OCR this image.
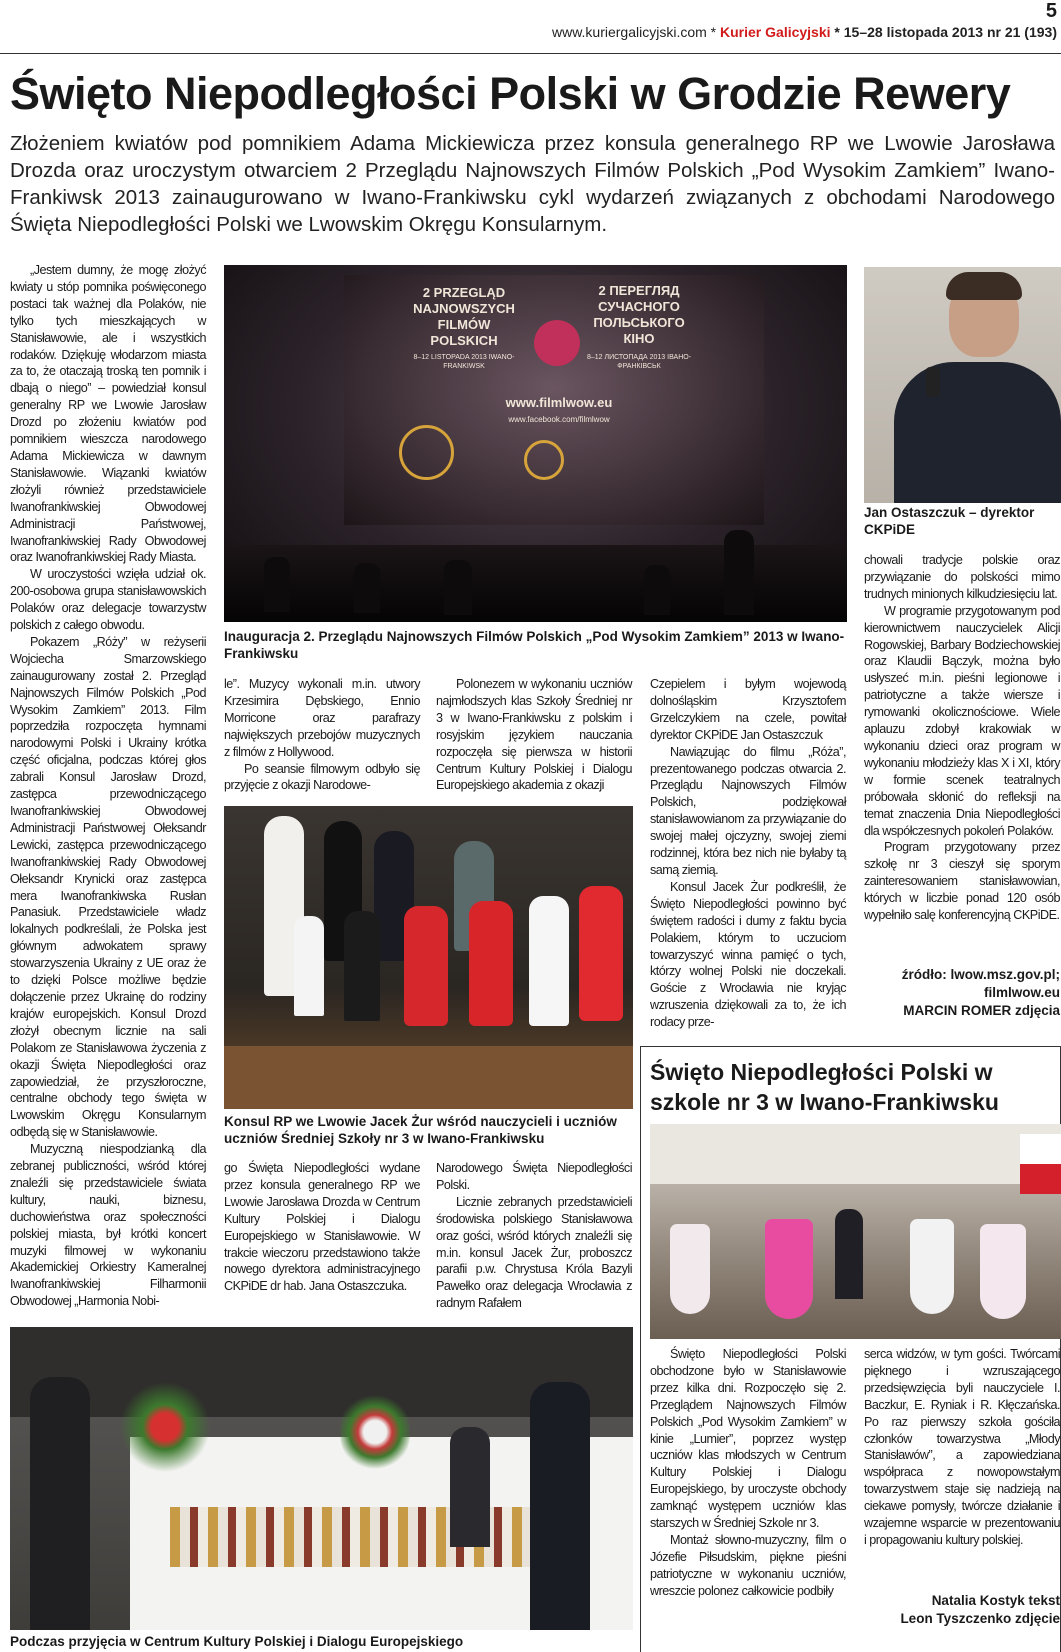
5
www.kuriergalicyjski.com * Kurier Galicyjski * 15–28 listopada 2013 nr 21 (193)
Święto Niepodległości Polski w Grodzie Rewery
Złożeniem kwiatów pod pomnikiem Adama Mickiewicza przez konsula generalnego RP we Lwowie Jarosława Drozda oraz uroczystym otwarciem 2 Przeglądu Najnowszych Filmów Polskich „Pod Wysokim Zamkiem” Iwano-Frankiwsk 2013 zainaugurowano w Iwano-Frankiwsku cykl wydarzeń związanych z obchodami Narodowego Święta Niepodległości Polski we Lwowskim Okręgu Konsularnym.

„Jestem dumny, że mogę złożyć kwiaty u stóp pomnika poświęconego postaci tak ważnej dla Polaków, nie tylko tych mieszkających w Stanisławowie, ale i wszystkich rodaków. Dziękuję włodarzom miasta za to, że otaczają troską ten pomnik i dbają o niego” – powiedział konsul generalny RP we Lwowie Jarosław Drozd po złożeniu kwiatów pod pomnikiem wieszcza narodowego Adama Mickiewicza w dawnym Stanisławowie. Wiązanki kwiatów złożyli również przedstawiciele Iwanofrankiwskiej Obwodowej Administracji Państwowej, Iwanofrankiwskiej Rady Obwodowej oraz Iwanofrankiwskiej Rady Miasta.

W uroczystości wzięła udział ok. 200-osobowa grupa stanisławowskich Polaków oraz delegacje towarzystw polskich z całego obwodu.

Pokazem „Róży” w reżyserii Wojciecha Smarzowskiego zainaugurowany został 2. Przegląd Najnowszych Filmów Polskich „Pod Wysokim Zamkiem” 2013. Film poprzedziła rozpoczęta hymnami narodowymi Polski i Ukrainy krótka część oficjalna, podczas której głos zabrali Konsul Jarosław Drozd, zastępca przewodniczącego Iwanofrankiwskiej Obwodowej Administracji Państwowej Ołeksandr Lewicki, zastępca przewodniczącego Iwanofrankiwskiej Rady Obwodowej Ołeksandr Krynicki oraz zastępca mera Iwanofrankiwska Rusłan Panasiuk. Przedstawiciele władz lokalnych podkreślali, że Polska jest głównym adwokatem sprawy stowarzyszenia Ukrainy z UE oraz że to dzięki Polsce możliwe będzie dołączenie przez Ukrainę do rodziny krajów europejskich. Konsul Drozd złożył obecnym licznie na sali Polakom ze Stanisławowa życzenia z okazji Święta Niepodległości oraz zapowiedział, że przyszłoroczne, centralne obchody tego święta w Lwowskim Okręgu Konsularnym odbędą się w Stanisławowie.

Muzyczną niespodzianką dla zebranej publiczności, wśród której znaleźli się przedstawiciele świata kultury, nauki, biznesu, duchowieństwa oraz społeczności polskiej miasta, był krótki koncert muzyki filmowej w wykonaniu Akademickiej Orkiestry Kameralnej Iwanofrankiwskiej Filharmonii Obwodowej „Harmonia Nobi-

2 PRZEGLĄD NAJNOWSZYCH FILMÓW POLSKICH
8–12 LISTOPADA 2013 IWANO-FRANKIWSK
2 ПЕРЕГЛЯД СУЧАСНОГО ПОЛЬСЬКОГО КІНО
8–12 ЛИСТОПАДА 2013 ІВАНО-ФРАНКІВСЬК
www.filmlwow.eu
www.facebook.com/filmlwow
Inauguracja 2. Przeglądu Najnowszych Filmów Polskich „Pod Wysokim Zamkiem” 2013 w Iwano-Frankiwsku
Jan Ostaszczuk – dyrektor CKPiDE

le”. Muzycy wykonali m.in. utwory Krzesimira Dębskiego, Ennio Morricone oraz parafrazy największych przebojów muzycznych z filmów z Hollywood.

Po seansie filmowym odbyło się przyjęcie z okazji Narodowe-

Polonezem w wykonaniu uczniów najmłodszych klas Szkoły Średniej nr 3 w Iwano-Frankiwsku z polskim i rosyjskim językiem nauczania rozpoczęła się pierwsza w historii Centrum Kultury Polskiej i Dialogu Europejskiego akademia z okazji

Konsul RP we Lwowie Jacek Żur wśród nauczycieli i uczniów uczniów Średniej Szkoły nr 3 w Iwano-Frankiwsku

go Święta Niepodległości wydane przez konsula generalnego RP we Lwowie Jarosława Drozda w Centrum Kultury Polskiej i Dialogu Europejskiego w Stanisławowie. W trakcie wieczoru przedstawiono także nowego dyrektora administracyjnego CKPiDE dr hab. Jana Ostaszczuka.

Narodowego Święta Niepodległości Polski.

Licznie zebranych przedstawicieli środowiska polskiego Stanisławowa oraz gości, wśród których znaleźli się m.in. konsul Jacek Żur, proboszcz parafii p.w. Chrystusa Króla Bazyli Pawełko oraz delegacja Wrocławia z radnym Rafałem

Czepielem i byłym wojewodą dolnośląskim Krzysztofem Grzelczykiem na czele, powitał dyrektor CKPiDE Jan Ostaszczuk

Nawiązując do filmu „Róża”, prezentowanego podczas otwarcia 2. Przeglądu Najnowszych Filmów Polskich, podziękował stanisławowianom za przywiązanie do swojej małej ojczyzny, swojej ziemi rodzinnej, która bez nich nie byłaby tą samą ziemią.

Konsul Jacek Żur podkreślił, że Święto Niepodległości powinno być świętem radości i dumy z faktu bycia Polakiem, którym to uczuciom towarzyszyć winna pamięć o tych, którzy wolnej Polski nie doczekali. Goście z Wrocławia nie kryjąc wzruszenia dziękowali za to, że ich rodacy prze-

chowali tradycje polskie oraz przywiązanie do polskości mimo trudnych minionych kilkudziesięciu lat.

W programie przygotowanym pod kierownictwem nauczycielek Alicji Rogowskiej, Barbary Bodziechowskiej oraz Klaudii Bączyk, można było usłyszeć m.in. pieśni legionowe i patriotyczne a także wiersze i rymowanki okolicznościowe. Wiele aplauzu zdobył krakowiak w wykonaniu dzieci oraz program w wykonaniu młodzieży klas X i XI, który w formie scenek teatralnych próbowała skłonić do refleksji na temat znaczenia Dnia Niepodległości dla współczesnych pokoleń Polaków.

Program przygotowany przez szkołę nr 3 cieszył się sporym zainteresowaniem stanisławowian, których w liczbie ponad 120 osób wypełniło salę konferencyjną CKPiDE.

źródło: lwow.msz.gov.pl; filmlwow.eu
MARCIN ROMER zdjęcia
Podczas przyjęcia w Centrum Kultury Polskiej i Dialogu Europejskiego
Święto Niepodległości Polski w szkole nr 3 w Iwano-Frankiwsku

Święto Niepodległości Polski obchodzone było w Stanisławowie przez kilka dni. Rozpoczęło się 2. Przeglądem Najnowszych Filmów Polskich „Pod Wysokim Zamkiem” w kinie „Lumier”, poprzez występ uczniów klas młodszych w Centrum Kultury Polskiej i Dialogu Europejskiego, by uroczyste obchody zamknąć występem uczniów klas starszych w Średniej Szkole nr 3.

Montaż słowno-muzyczny, film o Józefie Piłsudskim, piękne pieśni patriotyczne w wykonaniu uczniów, wreszcie polonez całkowicie podbiły

serca widzów, w tym gości. Twórcami pięknego i wzruszającego przedsięwzięcia byli nauczyciele I. Baczkur, E. Ryniak i R. Kłęczańska. Po raz pierwszy szkoła gościła członków towarzystwa „Młody Stanisławów”, a zapowiedziana współpraca z nowopowstałym towarzystwem staje się nadzieją na ciekawe pomysły, twórcze działanie i wzajemne wsparcie w prezentowaniu i propagowaniu kultury polskiej.

Natalia Kostyk tekst
Leon Tyszczenko zdjęcie
